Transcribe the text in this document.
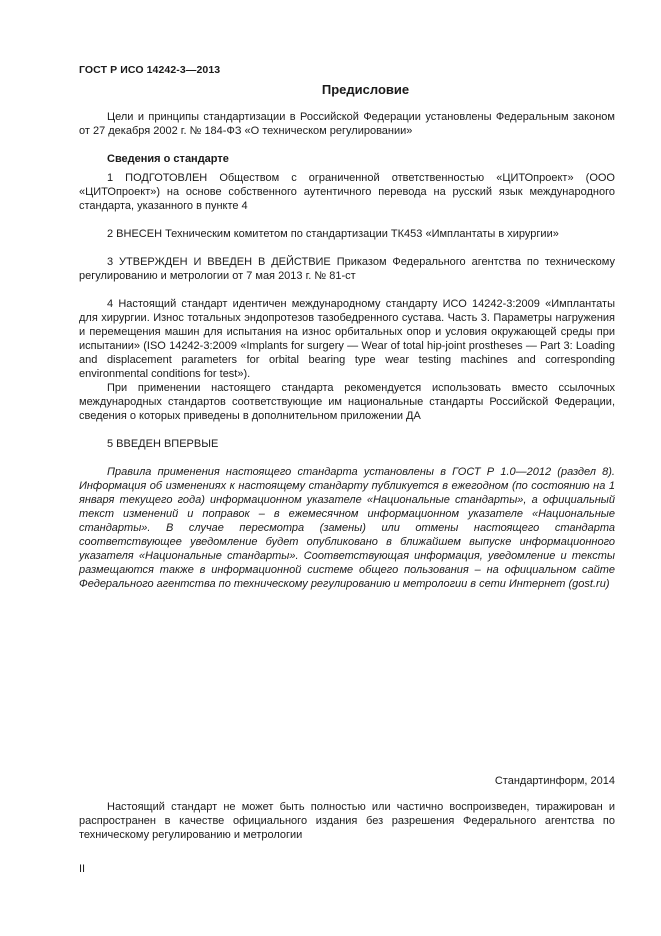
ГОСТ Р ИСО 14242-3—2013
Предисловие

Цели и принципы стандартизации в Российской Федерации установлены Федеральным законом от 27 декабря 2002 г. № 184-ФЗ «О техническом регулировании»

Сведения о стандарте

1 ПОДГОТОВЛЕН Обществом с ограниченной ответственностью «ЦИТОпроект» (ООО «ЦИТОпроект») на основе собственного аутентичного перевода на русский язык международного стандарта, указанного в пункте 4

2 ВНЕСЕН Техническим комитетом по стандартизации ТК453 «Имплантаты в хирургии»

3 УТВЕРЖДЕН И ВВЕДЕН В ДЕЙСТВИЕ Приказом Федерального агентства по техническому регулированию и метрологии от 7 мая 2013 г. № 81-ст

4 Настоящий стандарт идентичен международному стандарту ИСО 14242-3:2009 «Имплантаты для хирургии. Износ тотальных эндопротезов тазобедренного сустава. Часть 3. Параметры нагружения и перемещения машин для испытания на износ орбитальных опор и условия окружающей среды при испытании» (ISO 14242-3:2009 «Implants for surgery — Wear of total hip-joint prostheses — Part 3: Loading and displacement parameters for orbital bearing type wear testing machines and corresponding environmental conditions for test»).

При применении настоящего стандарта рекомендуется использовать вместо ссылочных международных стандартов соответствующие им национальные стандарты Российской Федерации, сведения о которых приведены в дополнительном приложении ДА

5 ВВЕДЕН ВПЕРВЫЕ

Правила применения настоящего стандарта установлены в ГОСТ Р 1.0—2012 (раздел 8). Информация об изменениях к настоящему стандарту публикуется в ежегодном (по состоянию на 1 января текущего года) информационном указателе «Национальные стандарты», а официальный текст изменений и поправок – в ежемесячном информационном указателе «Национальные стандарты». В случае пересмотра (замены) или отмены настоящего стандарта соответствующее уведомление будет опубликовано в ближайшем выпуске информационного указателя «Национальные стандарты». Соответствующая информация, уведомление и тексты размещаются также в информационной системе общего пользования – на официальном сайте Федерального агентства по техническому регулированию и метрологии в сети Интернет (gost.ru)

Стандартинформ, 2014

Настоящий стандарт не может быть полностью или частично воспроизведен, тиражирован и распространен в качестве официального издания без разрешения Федерального агентства по техническому регулированию и метрологии

II
